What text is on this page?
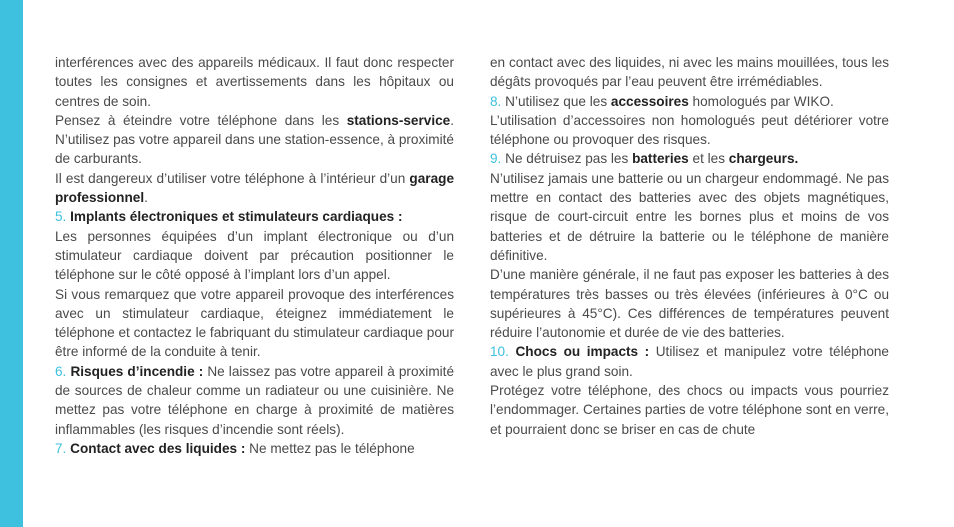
interférences avec des appareils médicaux. Il faut donc respecter toutes les consignes et avertissements dans les hôpitaux ou centres de soin.

Pensez à éteindre votre téléphone dans les stations-service. N’utilisez pas votre appareil dans une station-essence, à proximité de carburants.

Il est dangereux d’utiliser votre téléphone à l’intérieur d’un garage professionnel.

5. Implants électroniques et stimulateurs cardiaques :

Les personnes équipées d’un implant électronique ou d’un stimulateur cardiaque doivent par précaution positionner le téléphone sur le côté opposé à l’implant lors d’un appel.

Si vous remarquez que votre appareil provoque des interférences avec un stimulateur cardiaque, éteignez immédiatement le téléphone et contactez le fabriquant du stimulateur cardiaque pour être informé de la conduite à tenir.

6. Risques d’incendie : Ne laissez pas votre appareil à proximité de sources de chaleur comme un radiateur ou une cuisinière. Ne mettez pas votre téléphone en charge à proximité de matières inflammables (les risques d’incendie sont réels).

7. Contact avec des liquides : Ne mettez pas le téléphone

en contact avec des liquides, ni avec les mains mouillées, tous les dégâts provoqués par l’eau peuvent être irrémédiables.

8. N’utilisez que les accessoires homologués par WIKO.

L’utilisation d’accessoires non homologués peut détériorer votre téléphone ou provoquer des risques.

9. Ne détruisez pas les batteries et les chargeurs.

N’utilisez jamais une batterie ou un chargeur endommagé. Ne pas mettre en contact des batteries avec des objets magnétiques, risque de court-circuit entre les bornes plus et moins de vos batteries et de détruire la batterie ou le téléphone de manière définitive.

D’une manière générale, il ne faut pas exposer les batteries à des températures très basses ou très élevées (inférieures à 0°C ou supérieures à 45°C). Ces différences de températures peuvent réduire l’autonomie et durée de vie des batteries.

10. Chocs ou impacts : Utilisez et manipulez votre téléphone avec le plus grand soin.

Protégez votre téléphone, des chocs ou impacts vous pourriez l’endommager. Certaines parties de votre téléphone sont en verre, et pourraient donc se briser en cas de chute
